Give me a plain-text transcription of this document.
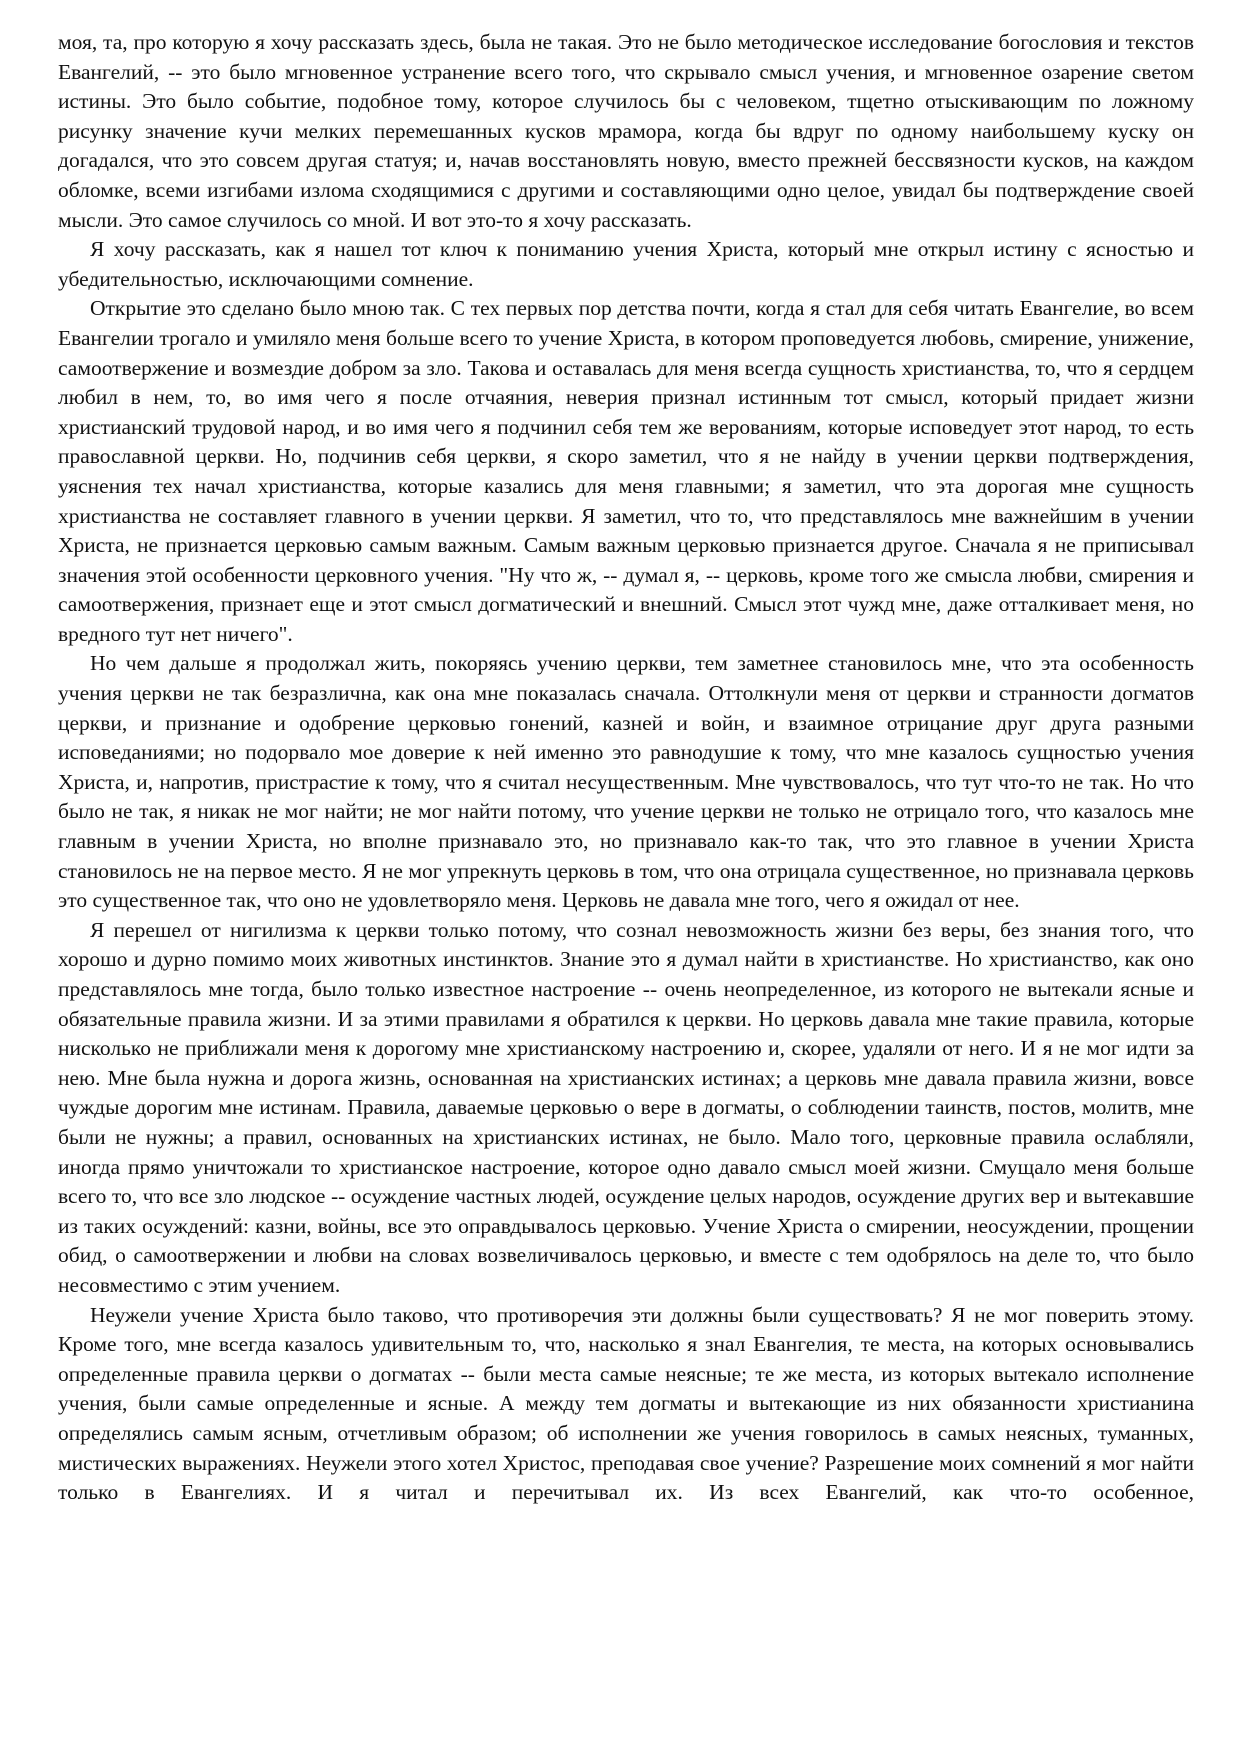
моя, та, про которую я хочу рассказать здесь, была не такая. Это не было методическое исследование богословия и текстов Евангелий, -- это было мгновенное устранение всего того, что скрывало смысл учения, и мгновенное озарение светом истины. Это было событие, подобное тому, которое случилось бы с человеком, тщетно отыскивающим по ложному рисунку значение кучи мелких перемешанных кусков мрамора, когда бы вдруг по одному наибольшему куску он догадался, что это совсем другая статуя; и, начав восстановлять новую, вместо прежней бессвязности кусков, на каждом обломке, всеми изгибами излома сходящимися с другими и составляющими одно целое, увидал бы подтверждение своей мысли. Это самое случилось со мной. И вот это-то я хочу рассказать.

Я хочу рассказать, как я нашел тот ключ к пониманию учения Христа, который мне открыл истину с ясностью и убедительностью, исключающими сомнение.

Открытие это сделано было мною так. С тех первых пор детства почти, когда я стал для себя читать Евангелие, во всем Евангелии трогало и умиляло меня больше всего то учение Христа, в котором проповедуется любовь, смирение, унижение, самоотвержение и возмездие добром за зло. Такова и оставалась для меня всегда сущность христианства, то, что я сердцем любил в нем, то, во имя чего я после отчаяния, неверия признал истинным тот смысл, который придает жизни христианский трудовой народ, и во имя чего я подчинил себя тем же верованиям, которые исповедует этот народ, то есть православной церкви. Но, подчинив себя церкви, я скоро заметил, что я не найду в учении церкви подтверждения, уяснения тех начал христианства, которые казались для меня главными; я заметил, что эта дорогая мне сущность христианства не составляет главного в учении церкви. Я заметил, что то, что представлялось мне важнейшим в учении Христа, не признается церковью самым важным. Самым важным церковью признается другое. Сначала я не приписывал значения этой особенности церковного учения. "Ну что ж, -- думал я, -- церковь, кроме того же смысла любви, смирения и самоотвержения, признает еще и этот смысл догматический и внешний. Смысл этот чужд мне, даже отталкивает меня, но вредного тут нет ничего".

Но чем дальше я продолжал жить, покоряясь учению церкви, тем заметнее становилось мне, что эта особенность учения церкви не так безразлична, как она мне показалась сначала. Оттолкнули меня от церкви и странности догматов церкви, и признание и одобрение церковью гонений, казней и войн, и взаимное отрицание друг друга разными исповеданиями; но подорвало мое доверие к ней именно это равнодушие к тому, что мне казалось сущностью учения Христа, и, напротив, пристрастие к тому, что я считал несущественным. Мне чувствовалось, что тут что-то не так. Но что было не так, я никак не мог найти; не мог найти потому, что учение церкви не только не отрицало того, что казалось мне главным в учении Христа, но вполне признавало это, но признавало как-то так, что это главное в учении Христа становилось не на первое место. Я не мог упрекнуть церковь в том, что она отрицала существенное, но признавала церковь это существенное так, что оно не удовлетворяло меня. Церковь не давала мне того, чего я ожидал от нее.

Я перешел от нигилизма к церкви только потому, что сознал невозможность жизни без веры, без знания того, что хорошо и дурно помимо моих животных инстинктов. Знание это я думал найти в христианстве. Но христианство, как оно представлялось мне тогда, было только известное настроение -- очень неопределенное, из которого не вытекали ясные и обязательные правила жизни. И за этими правилами я обратился к церкви. Но церковь давала мне такие правила, которые нисколько не приближали меня к дорогому мне христианскому настроению и, скорее, удаляли от него. И я не мог идти за нею. Мне была нужна и дорога жизнь, основанная на христианских истинах; а церковь мне давала правила жизни, вовсе чуждые дорогим мне истинам. Правила, даваемые церковью о вере в догматы, о соблюдении таинств, постов, молитв, мне были не нужны; а правил, основанных на христианских истинах, не было. Мало того, церковные правила ослабляли, иногда прямо уничтожали то христианское настроение, которое одно давало смысл моей жизни. Смущало меня больше всего то, что все зло людское -- осуждение частных людей, осуждение целых народов, осуждение других вер и вытекавшие из таких осуждений: казни, войны, все это оправдывалось церковью. Учение Христа о смирении, неосуждении, прощении обид, о самоотвержении и любви на словах возвеличивалось церковью, и вместе с тем одобрялось на деле то, что было несовместимо с этим учением.

Неужели учение Христа было таково, что противоречия эти должны были существовать? Я не мог поверить этому. Кроме того, мне всегда казалось удивительным то, что, насколько я знал Евангелия, те места, на которых основывались определенные правила церкви о догматах -- были места самые неясные; те же места, из которых вытекало исполнение учения, были самые определенные и ясные. А между тем догматы и вытекающие из них обязанности христианина определялись самым ясным, отчетливым образом; об исполнении же учения говорилось в самых неясных, туманных, мистических выражениях. Неужели этого хотел Христос, преподавая свое учение? Разрешение моих сомнений я мог найти только в Евангелиях. И я читал и перечитывал их. Из всех Евангелий, как что-то особенное,
